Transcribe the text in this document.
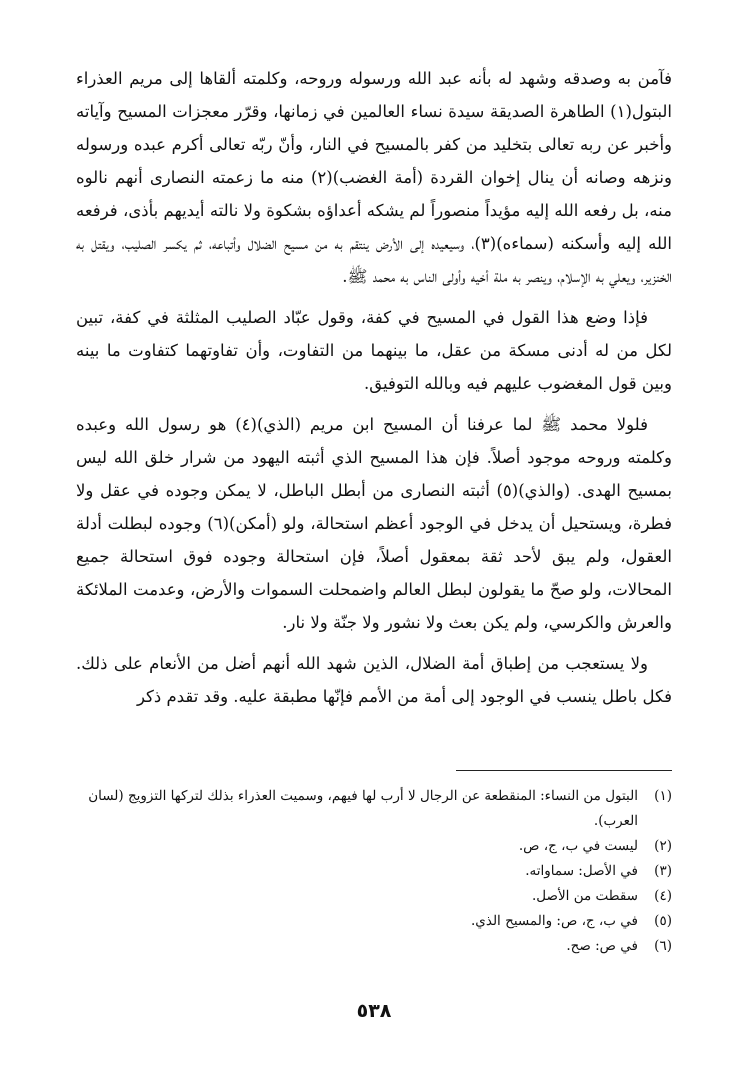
فآمن به وصدقه وشهد له بأنه عبد الله ورسوله وروحه، وكلمته ألقاها إلى مريم العذراء البتول(١) الطاهرة الصديقة سيدة نساء العالمين في زمانها، وقرّر معجزات المسيح وآياته وأخبر عن ربه تعالى بتخليد من كفر بالمسيح في النار، وأنّ ربّه تعالى أكرم عبده ورسوله ونزهه وصانه أن ينال إخوان القردة (أمة الغضب)(٢) منه ما زعمته النصارى أنهم نالوه منه، بل رفعه الله إليه مؤيداً منصوراً لم يشكه أعداؤه بشكوة ولا نالته أيديهم بأذى، فرفعه الله إليه وأسكنه (سماءه)(٣)، وسيعيده إلى الأرض ينتقم به من مسيح الضلال وأتباعه، ثم يكسر الصليب، ويقتل به الخنزير، ويعلي به الإسلام، وينصر به ملة أخيه وأولى الناس به محمد ﷺ.

فإذا وضع هذا القول في المسيح في كفة، وقول عبّاد الصليب المثلثة في كفة، تبين لكل من له أدنى مسكة من عقل، ما بينهما من التفاوت، وأن تفاوتهما كتفاوت ما بينه وبين قول المغضوب عليهم فيه وبالله التوفيق.

فلولا محمد ﷺ لما عرفنا أن المسيح ابن مريم (الذي)(٤) هو رسول الله وعبده وكلمته وروحه موجود أصلاً. فإن هذا المسيح الذي أثبته اليهود من شرار خلق الله ليس بمسيح الهدى. (والذي)(٥) أثبته النصارى من أبطل الباطل، لا يمكن وجوده في عقل ولا فطرة، ويستحيل أن يدخل في الوجود أعظم استحالة، ولو (أمكن)(٦) وجوده لبطلت أدلة العقول، ولم يبق لأحد ثقة بمعقول أصلاً، فإن استحالة وجوده فوق استحالة جميع المحالات، ولو صحّ ما يقولون لبطل العالم واضمحلت السموات والأرض، وعدمت الملائكة والعرش والكرسي، ولم يكن بعث ولا نشور ولا جنّة ولا نار.

ولا يستعجب من إطباق أمة الضلال، الذين شهد الله أنهم أضل من الأنعام على ذلك. فكل باطل ينسب في الوجود إلى أمة من الأمم فإنّها مطبقة عليه. وقد تقدم ذكر

(١)
البتول من النساء: المنقطعة عن الرجال لا أرب لها فيهم، وسميت العذراء بذلك لتركها التزويج (لسان العرب).
(٢)
ليست في ب، ج، ص.
(٣)
في الأصل: سماواته.
(٤)
سقطت من الأصل.
(٥)
في ب، ج، ص: والمسيح الذي.
(٦)
في ص: صح.
٥٣٨
